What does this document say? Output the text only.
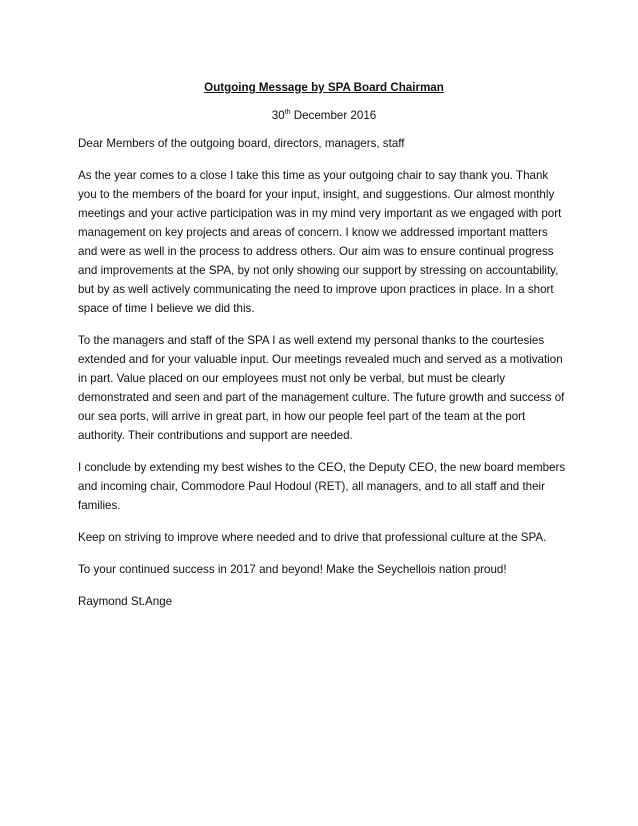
Outgoing Message by SPA Board Chairman
30th December 2016

Dear Members of the outgoing board, directors, managers, staff

As the year comes to a close I take this time as your outgoing chair to say thank you. Thank you to the members of the board for your input, insight, and suggestions. Our almost monthly meetings and your active participation was in my mind very important as we engaged with port management on key projects and areas of concern. I know we addressed important matters and were as well in the process to address others. Our aim was to ensure continual progress and improvements at the SPA, by not only showing our support by stressing on accountability, but by as well actively communicating the need to improve upon practices in place. In a short space of time I believe we did this.

To the managers and staff of the SPA I as well extend my personal thanks to the courtesies extended and for your valuable input. Our meetings revealed much and served as a motivation in part. Value placed on our employees must not only be verbal, but must be clearly demonstrated and seen and part of the management culture. The future growth and success of our sea ports, will arrive in great part, in how our people feel part of the team at the port authority. Their contributions and support are needed.

I conclude by extending my best wishes to the CEO, the Deputy CEO, the new board members and incoming chair, Commodore Paul Hodoul (RET), all managers, and to all staff and their families.

Keep on striving to improve where needed and to drive that professional culture at the SPA.

To your continued success in 2017 and beyond! Make the Seychellois nation proud!

Raymond St.Ange
